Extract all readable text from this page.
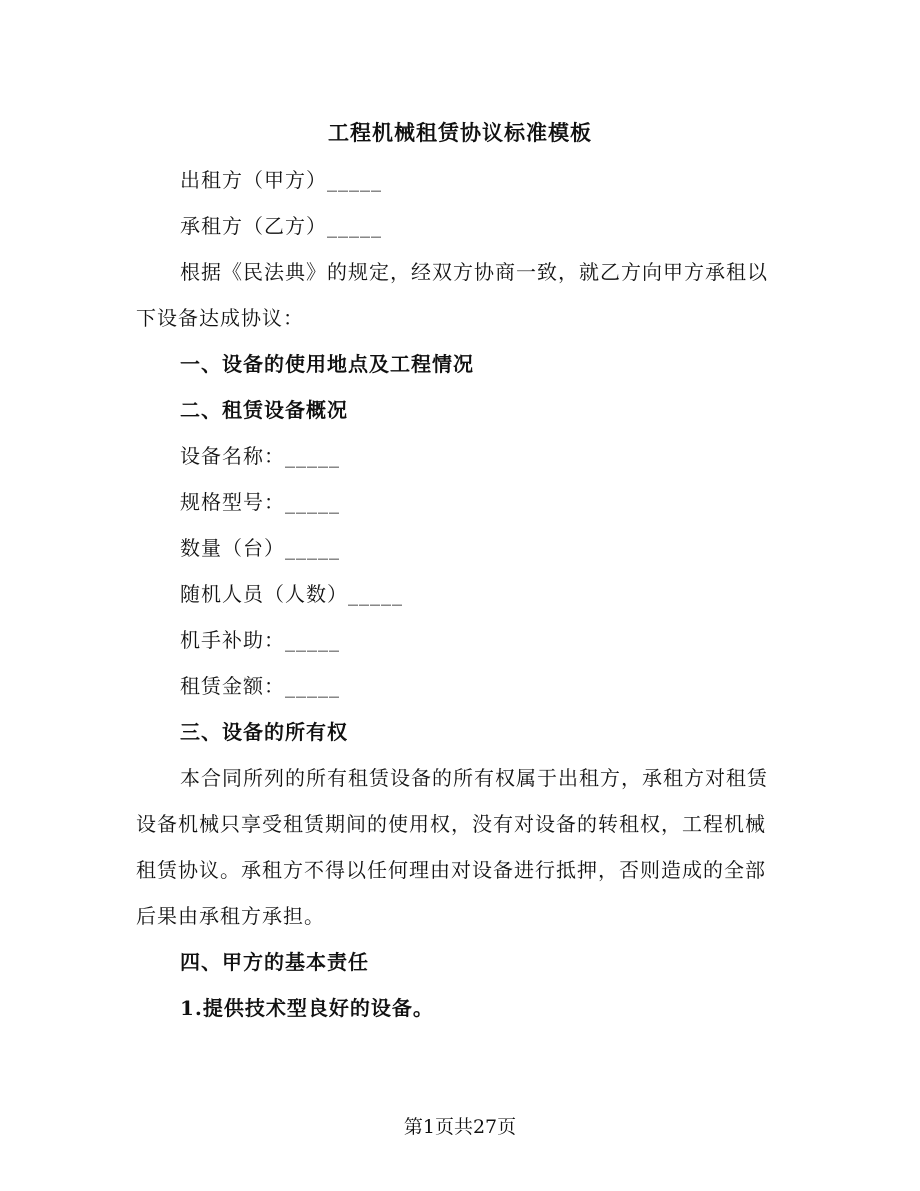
工程机械租赁协议标准模板
出租方（甲方）_____
承租方（乙方）_____
根据《民法典》的规定，经双方协商一致，就乙方向甲方承租以
下设备达成协议：
一、设备的使用地点及工程情况
二、租赁设备概况
设备名称：_____
规格型号：_____
数量（台）_____
随机人员（人数）_____
机手补助：_____
租赁金额：_____
三、设备的所有权
本合同所列的所有租赁设备的所有权属于出租方，承租方对租赁
设备机械只享受租赁期间的使用权，没有对设备的转租权，工程机械
租赁协议。承租方不得以任何理由对设备进行抵押，否则造成的全部
后果由承租方承担。
四、甲方的基本责任
1.提供技术型良好的设备。
第1页共27页
